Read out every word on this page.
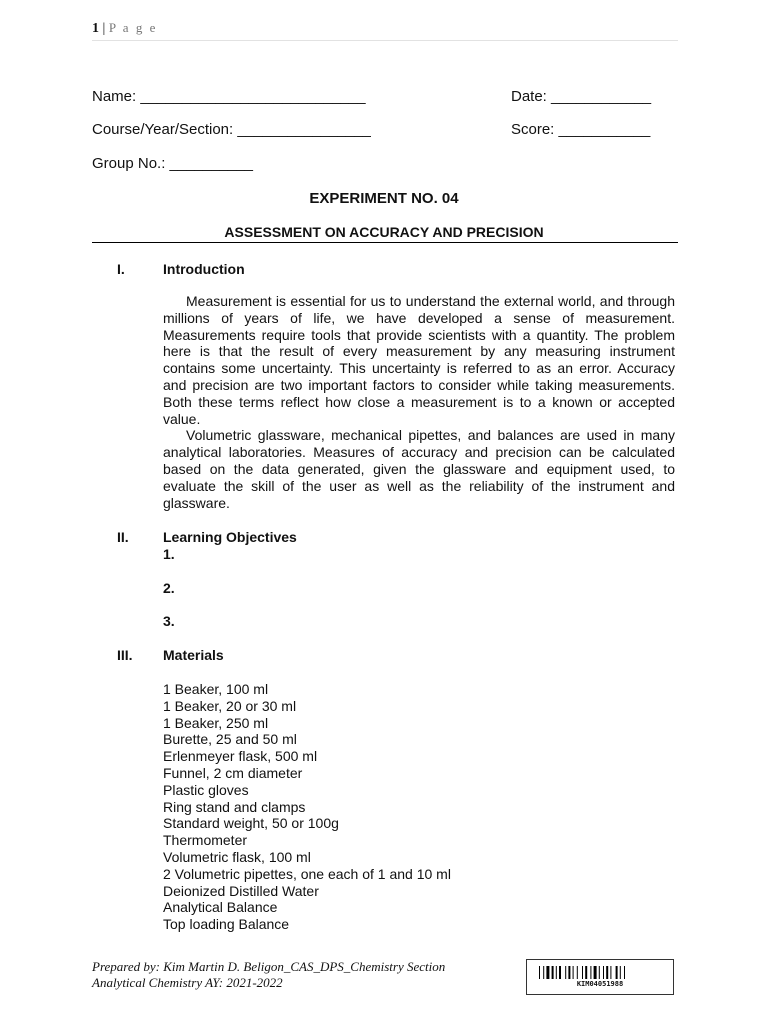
1 | P a g e
Name: ___________________________	Date: ____________
Course/Year/Section: ________________	Score: ___________
Group No.: __________
EXPERIMENT NO. 04
ASSESSMENT ON ACCURACY AND PRECISION
I.	Introduction

Measurement is essential for us to understand the external world, and through millions of years of life, we have developed a sense of measurement. Measurements require tools that provide scientists with a quantity. The problem here is that the result of every measurement by any measuring instrument contains some uncertainty. This uncertainty is referred to as an error. Accuracy and precision are two important factors to consider while taking measurements. Both these terms reflect how close a measurement is to a known or accepted value.

Volumetric glassware, mechanical pipettes, and balances are used in many analytical laboratories. Measures of accuracy and precision can be calculated based on the data generated, given the glassware and equipment used, to evaluate the skill of the user as well as the reliability of the instrument and glassware.

II. Learning Objectives
1.
2.
3.
III. Materials
1 Beaker, 100 ml
1 Beaker, 20 or 30 ml
1 Beaker, 250 ml
Burette, 25 and 50 ml
Erlenmeyer flask, 500 ml
Funnel, 2 cm diameter
Plastic gloves
Ring stand and clamps
Standard weight, 50 or 100g
Thermometer
Volumetric flask, 100 ml
2 Volumetric pipettes, one each of 1 and 10 ml
Deionized Distilled Water
Analytical Balance
Top loading Balance
Prepared by: Kim Martin D. Beligon_CAS_DPS_Chemistry Section
Analytical Chemistry AY: 2021-2022	KIM04051988
